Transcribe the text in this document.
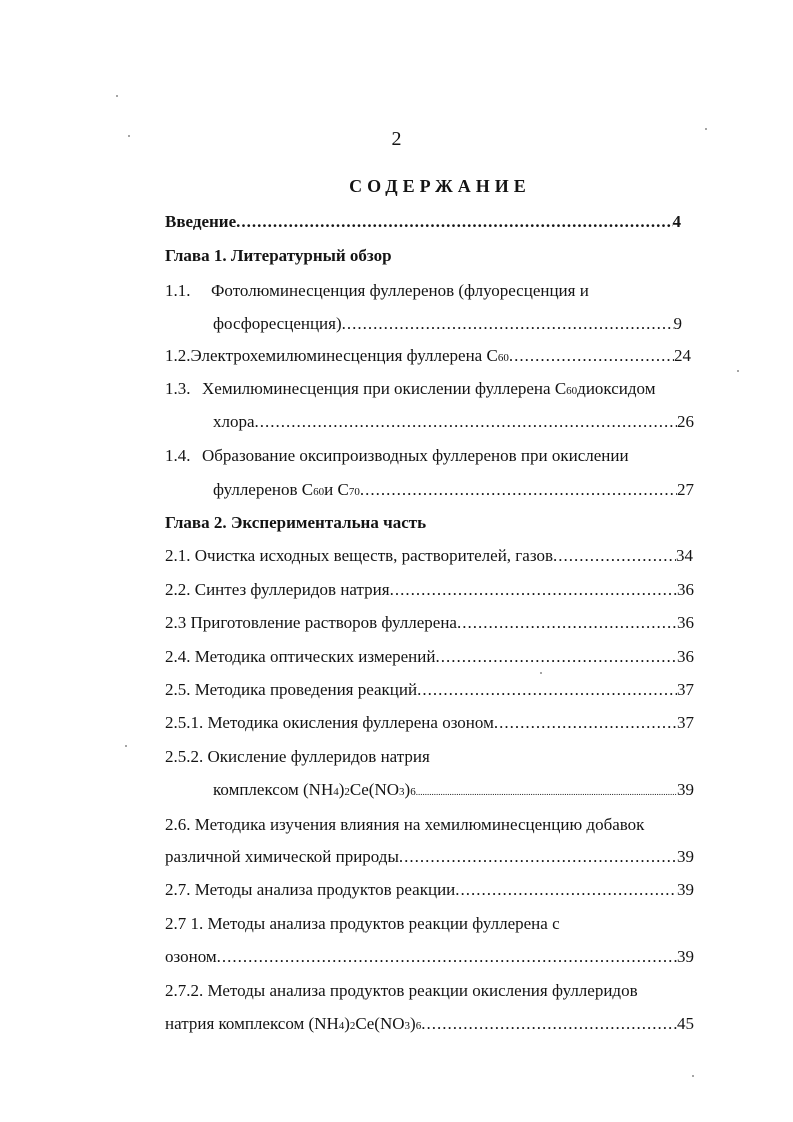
2
СОДЕРЖАНИЕ
Введение .....	4
Глава 1. Литературный обзор
1.1.	Фотолюминесценция фуллеренов (флуоресценция и
фосфоресценция) .....	9
1.2. Электрохемилюминесценция фуллерена C 60 .....	24
1.3. Хемилюминесценция при окислении фуллерена C 60 диоксидом
хлора .....	26
1.4. Образование оксипроизводных фуллеренов при окислении
фуллеренов C 60 и C 70 .....	27
Глава 2. Экспериментальна часть
2.1. Очистка исходных веществ, растворителей, газов .....	34
2.2. Синтез фуллеридов натрия .....	36
2.3 Приготовление растворов фуллерена .....	36
2.4. Методика оптических измерений .....	36
2.5. Методика проведения реакций .....	37
2.5.1. Методика окисления фуллерена озоном .....	37
2.5.2. Окисление фуллеридов натрия
комплексом (NH 4 ) 2 Ce(NO 3 ) 6 .....	39
2.6. Методика изучения влияния на хемилюминесценцию добавок
различной химической природы .....	39
2.7. Методы анализа продуктов реакции .....	39
2.7 1. Методы анализа продуктов реакции фуллерена с
озоном .....	39
2.7.2. Методы анализа продуктов реакции окисления фуллеридов
натрия комплексом (NH 4 ) 2 Ce(NO 3 ) 6 .....	45
